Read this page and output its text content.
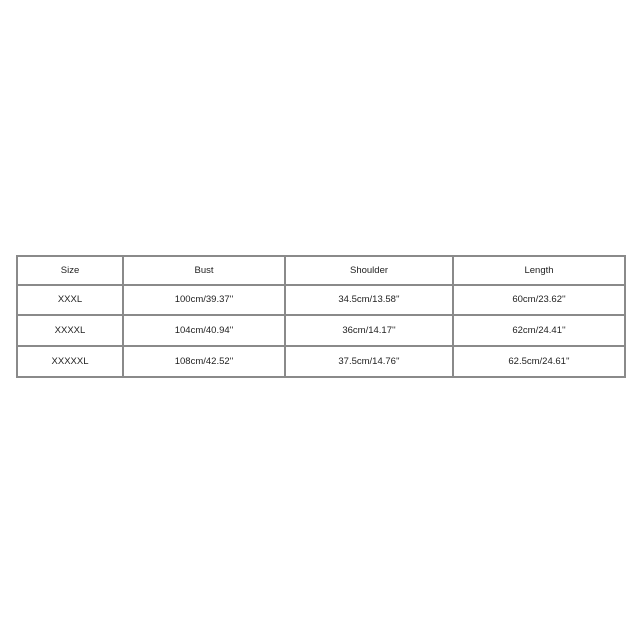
Size	Bust	Shoulder	Length
XXXL	100cm/39.37''	34.5cm/13.58''	60cm/23.62''
XXXXL	104cm/40.94''	36cm/14.17''	62cm/24.41''
XXXXXL	108cm/42.52''	37.5cm/14.76''	62.5cm/24.61''
